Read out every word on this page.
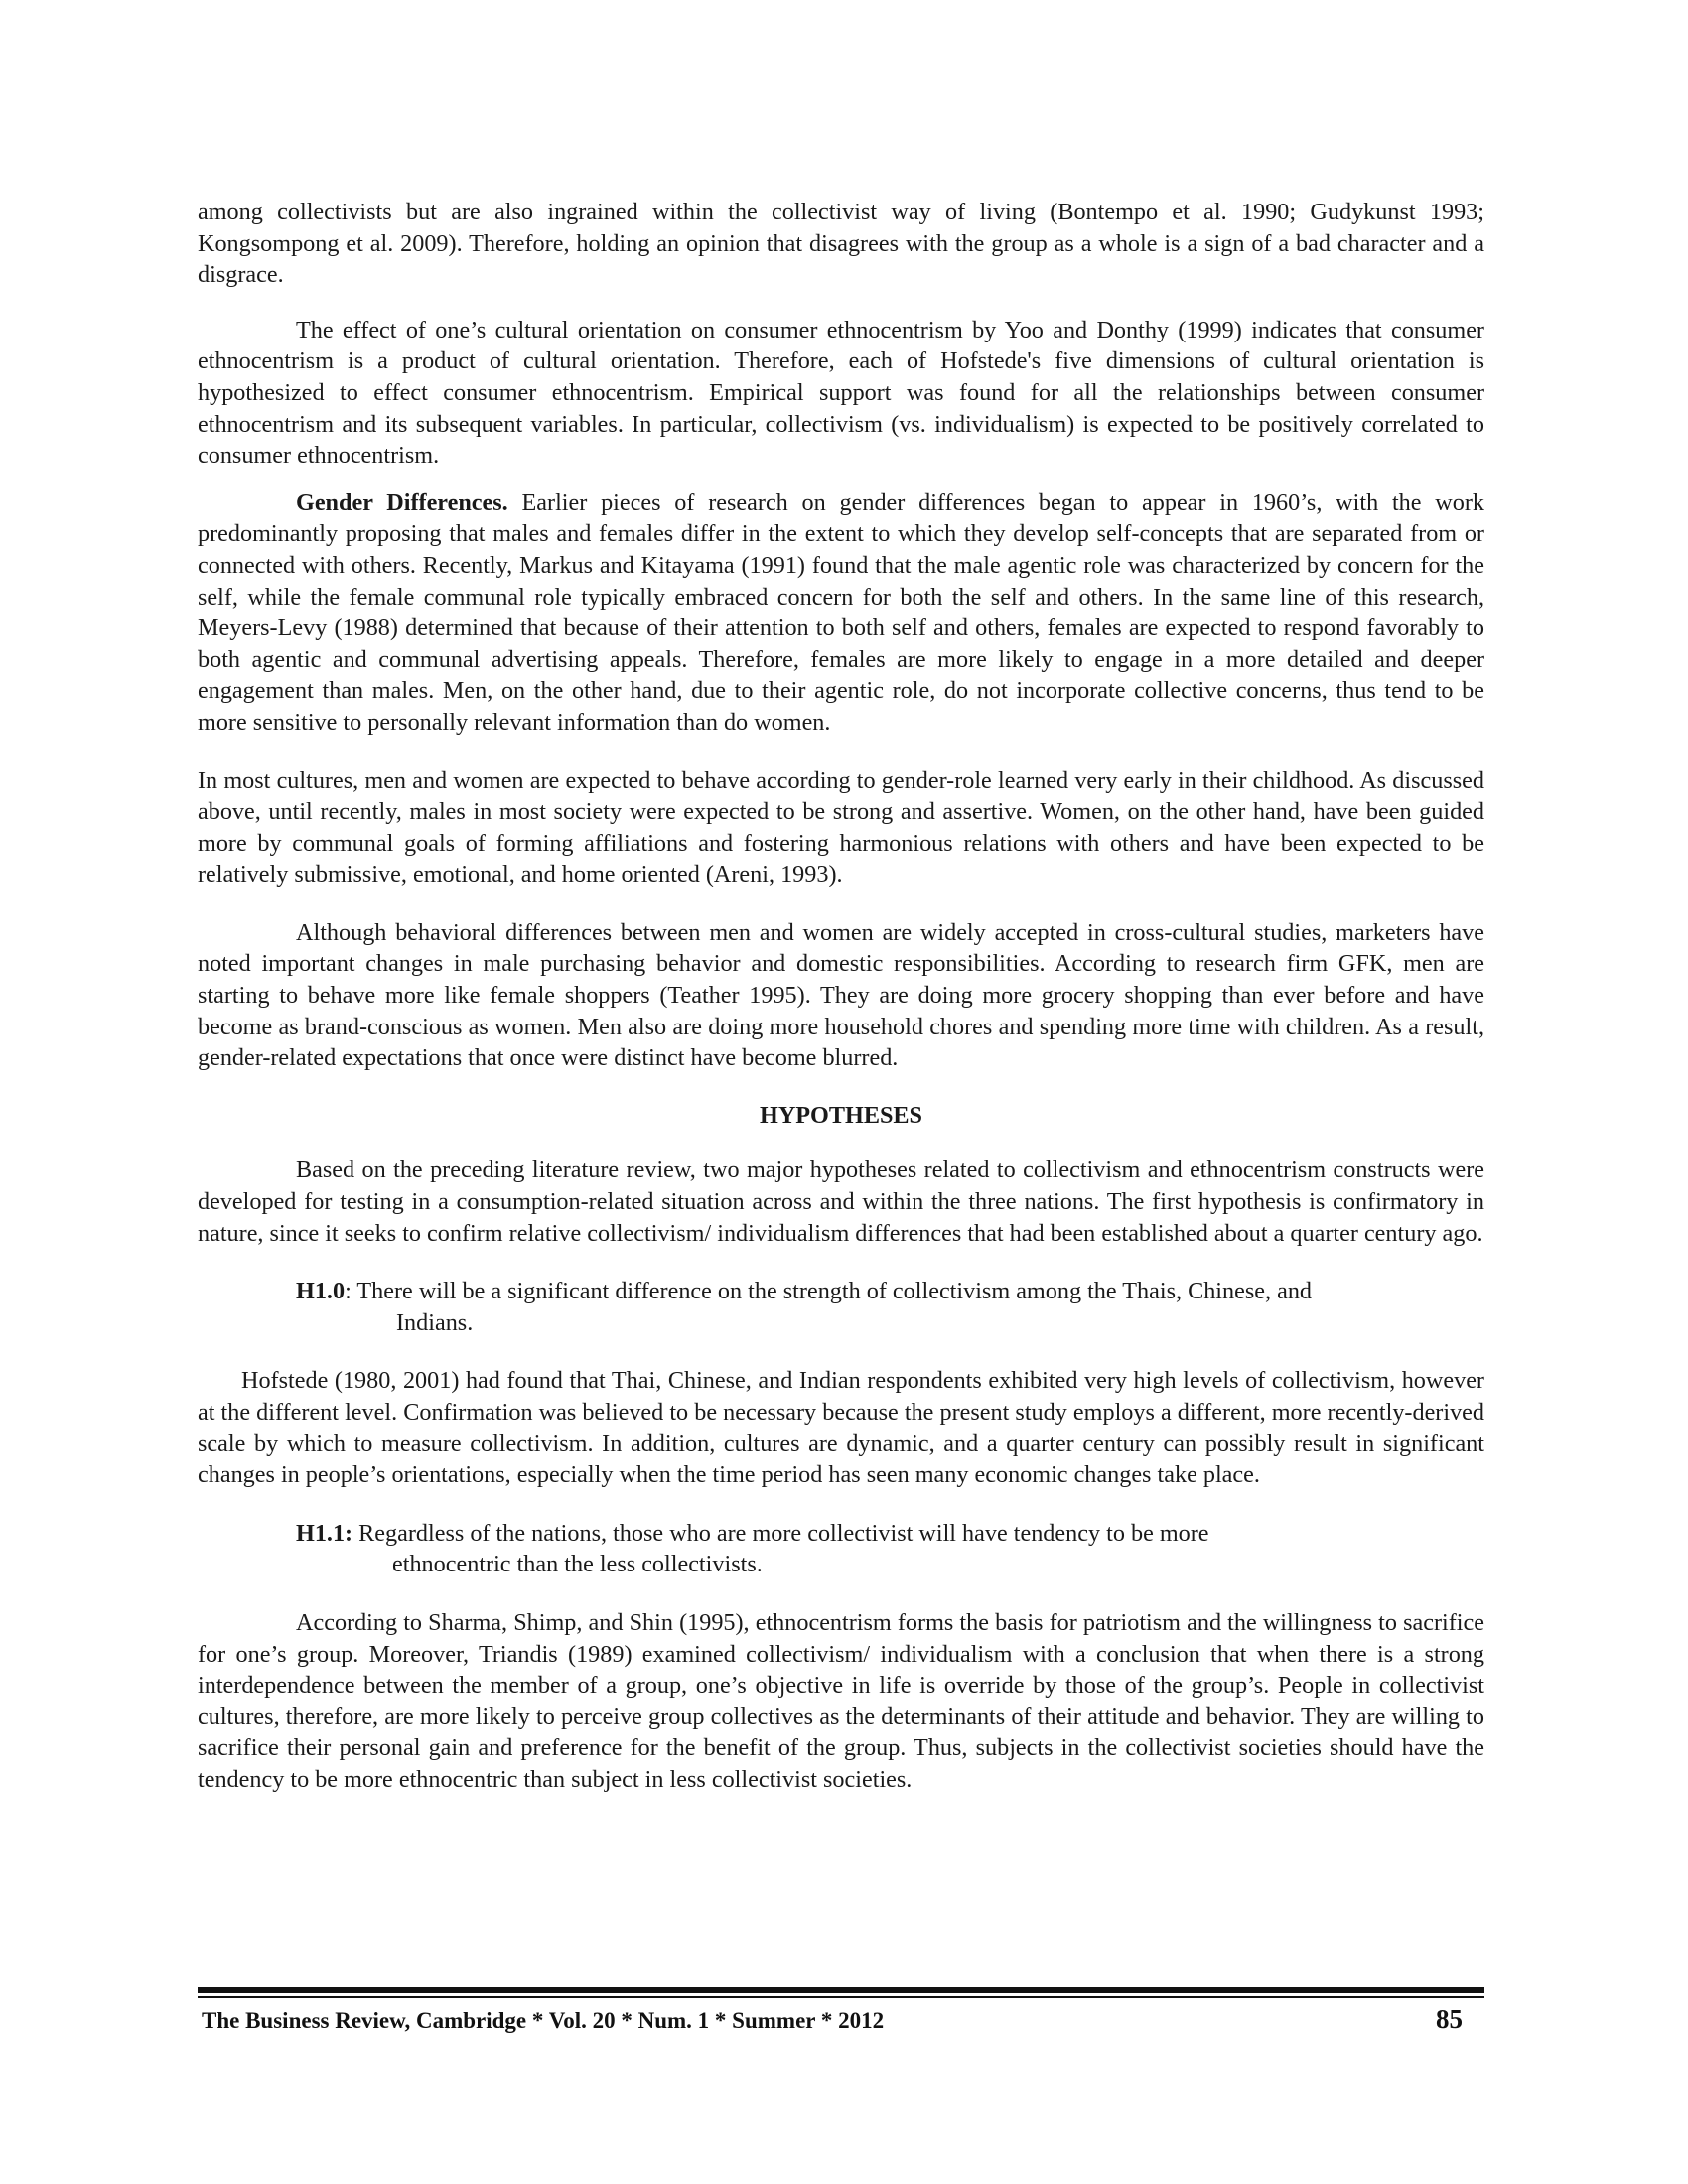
among collectivists but are also ingrained within the collectivist way of living (Bontempo et al. 1990; Gudykunst 1993; Kongsompong et al. 2009). Therefore, holding an opinion that disagrees with the group as a whole is a sign of a bad character and a disgrace.

The effect of one’s cultural orientation on consumer ethnocentrism by Yoo and Donthy (1999) indicates that consumer ethnocentrism is a product of cultural orientation. Therefore, each of Hofstede's five dimensions of cultural orientation is hypothesized to effect consumer ethnocentrism. Empirical support was found for all the relationships between consumer ethnocentrism and its subsequent variables. In particular, collectivism (vs. individualism) is expected to be positively correlated to consumer ethnocentrism.

Gender Differences. Earlier pieces of research on gender differences began to appear in 1960’s, with the work predominantly proposing that males and females differ in the extent to which they develop self-concepts that are separated from or connected with others. Recently, Markus and Kitayama (1991) found that the male agentic role was characterized by concern for the self, while the female communal role typically embraced concern for both the self and others. In the same line of this research, Meyers-Levy (1988) determined that because of their attention to both self and others, females are expected to respond favorably to both agentic and communal advertising appeals. Therefore, females are more likely to engage in a more detailed and deeper engagement than males. Men, on the other hand, due to their agentic role, do not incorporate collective concerns, thus tend to be more sensitive to personally relevant information than do women.

In most cultures, men and women are expected to behave according to gender-role learned very early in their childhood. As discussed above, until recently, males in most society were expected to be strong and assertive. Women, on the other hand, have been guided more by communal goals of forming affiliations and fostering harmonious relations with others and have been expected to be relatively submissive, emotional, and home oriented (Areni, 1993).

Although behavioral differences between men and women are widely accepted in cross-cultural studies, marketers have noted important changes in male purchasing behavior and domestic responsibilities. According to research firm GFK, men are starting to behave more like female shoppers (Teather 1995). They are doing more grocery shopping than ever before and have become as brand-conscious as women. Men also are doing more household chores and spending more time with children. As a result, gender-related expectations that once were distinct have become blurred.

HYPOTHESES

Based on the preceding literature review, two major hypotheses related to collectivism and ethnocentrism constructs were developed for testing in a consumption-related situation across and within the three nations. The first hypothesis is confirmatory in nature, since it seeks to confirm relative collectivism/ individualism differences that had been established about a quarter century ago.

H1.0: There will be a significant difference on the strength of collectivism among the Thais, Chinese, and
Indians.

Hofstede (1980, 2001) had found that Thai, Chinese, and Indian respondents exhibited very high levels of collectivism, however at the different level. Confirmation was believed to be necessary because the present study employs a different, more recently-derived scale by which to measure collectivism. In addition, cultures are dynamic, and a quarter century can possibly result in significant changes in people’s orientations, especially when the time period has seen many economic changes take place.

H1.1: Regardless of the nations, those who are more collectivist will have tendency to be more
ethnocentric than the less collectivists.

According to Sharma, Shimp, and Shin (1995), ethnocentrism forms the basis for patriotism and the willingness to sacrifice for one’s group. Moreover, Triandis (1989) examined collectivism/ individualism with a conclusion that when there is a strong interdependence between the member of a group, one’s objective in life is override by those of the group’s. People in collectivist cultures, therefore, are more likely to perceive group collectives as the determinants of their attitude and behavior. They are willing to sacrifice their personal gain and preference for the benefit of the group. Thus, subjects in the collectivist societies should have the tendency to be more ethnocentric than subject in less collectivist societies.

The Business Review, Cambridge * Vol. 20 * Num. 1 * Summer * 2012	85
